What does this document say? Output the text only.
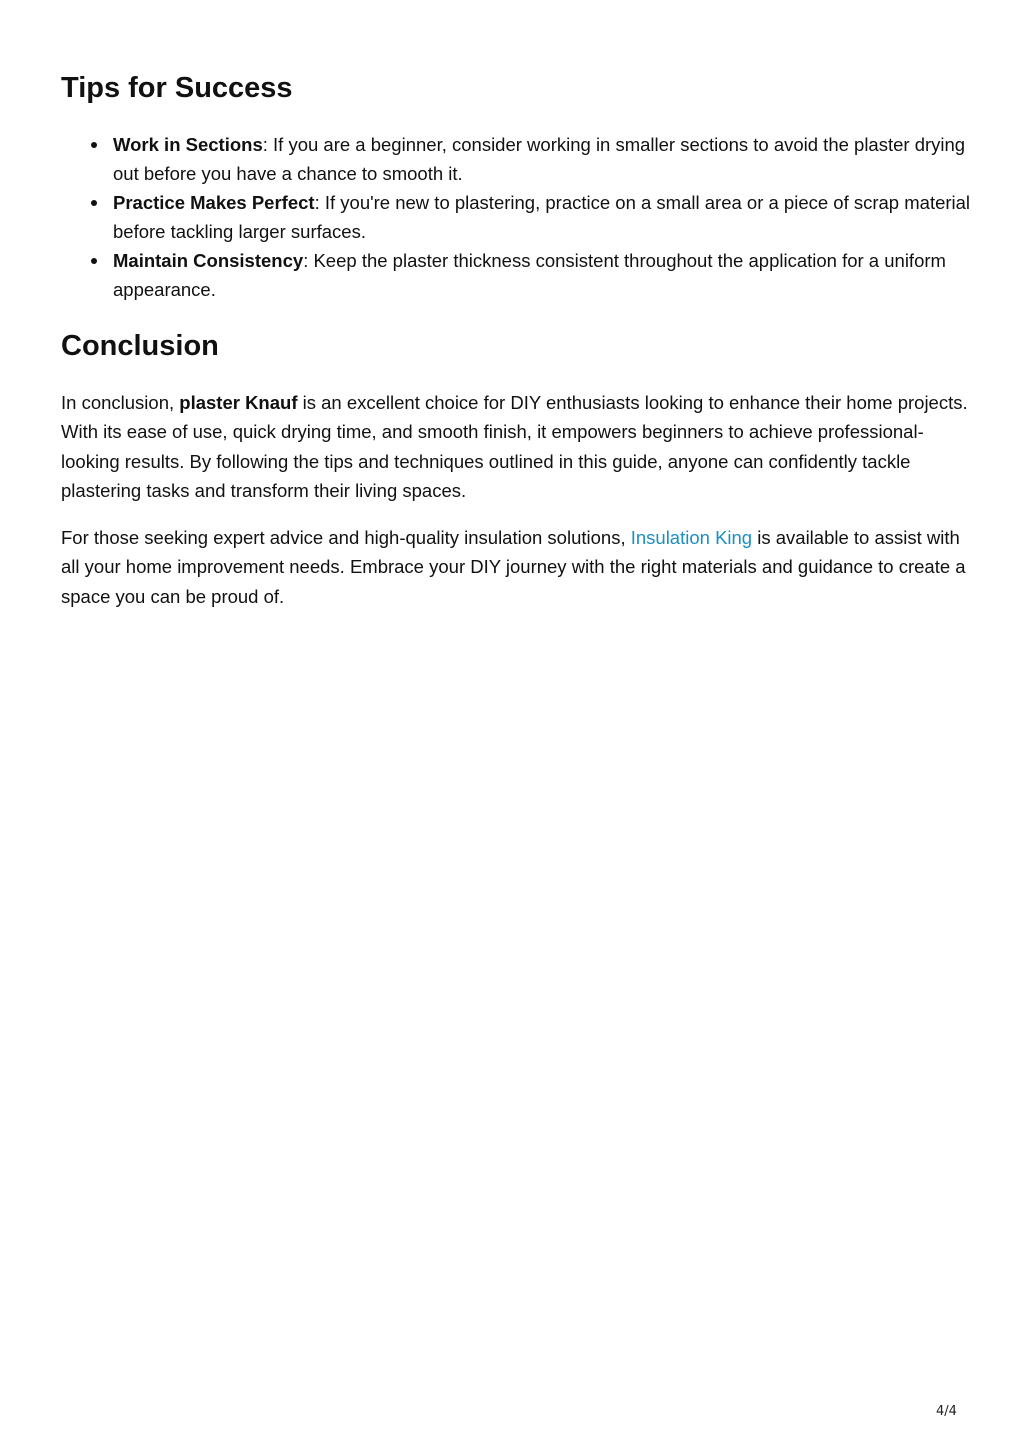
Tips for Success
Work in Sections: If you are a beginner, consider working in smaller sections to avoid the plaster drying out before you have a chance to smooth it.
Practice Makes Perfect: If you're new to plastering, practice on a small area or a piece of scrap material before tackling larger surfaces.
Maintain Consistency: Keep the plaster thickness consistent throughout the application for a uniform appearance.
Conclusion

In conclusion, plaster Knauf is an excellent choice for DIY enthusiasts looking to enhance their home projects. With its ease of use, quick drying time, and smooth finish, it empowers beginners to achieve professional-looking results. By following the tips and techniques outlined in this guide, anyone can confidently tackle plastering tasks and transform their living spaces.

For those seeking expert advice and high-quality insulation solutions, Insulation King is available to assist with all your home improvement needs. Embrace your DIY journey with the right materials and guidance to create a space you can be proud of.

4/4
